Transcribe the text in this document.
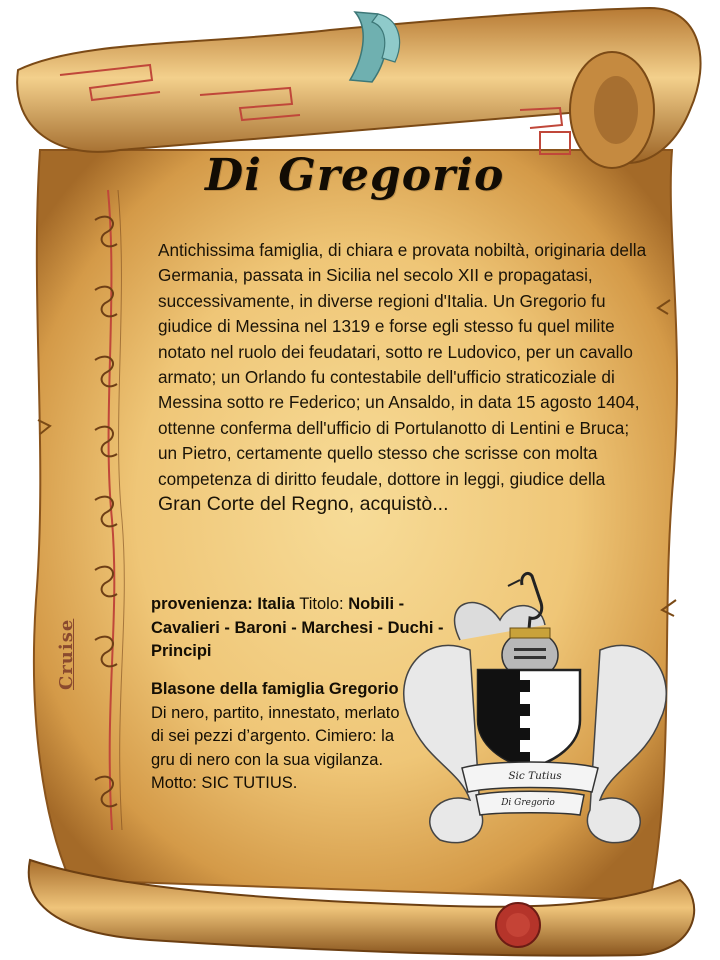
Di Gregorio

Antichissima famiglia, di chiara e provata nobiltà, originaria della Germania, passata in Sicilia nel secolo XII e propagatasi, successivamente, in diverse regioni d'Italia. Un Gregorio fu giudice di Messina nel 1319 e forse egli stesso fu quel milite notato nel ruolo dei feudatari, sotto re Ludovico, per un cavallo armato; un Orlando fu contestabile dell'ufficio straticoziale di Messina sotto re Federico; un Ansaldo, in data 15 agosto 1404, ottenne conferma dell'ufficio di Portulanotto di Lentini e Bruca; un Pietro, certamente quello stesso che scrisse con molta competenza di diritto feudale, dottore in leggi, giudice della Gran Corte del Regno, acquistò...

provenienza: Italia Titolo: Nobili - Cavalieri - Baroni - Marchesi - Duchi - Principi

Blasone della famiglia Gregorio
Di nero, partito, innestato, merlato di sei pezzi d’argento. Cimiero: la gru di nero con la sua vigilanza. Motto: SIC TUTIUS.
Cruise
Sic Tutius
Di Gregorio
